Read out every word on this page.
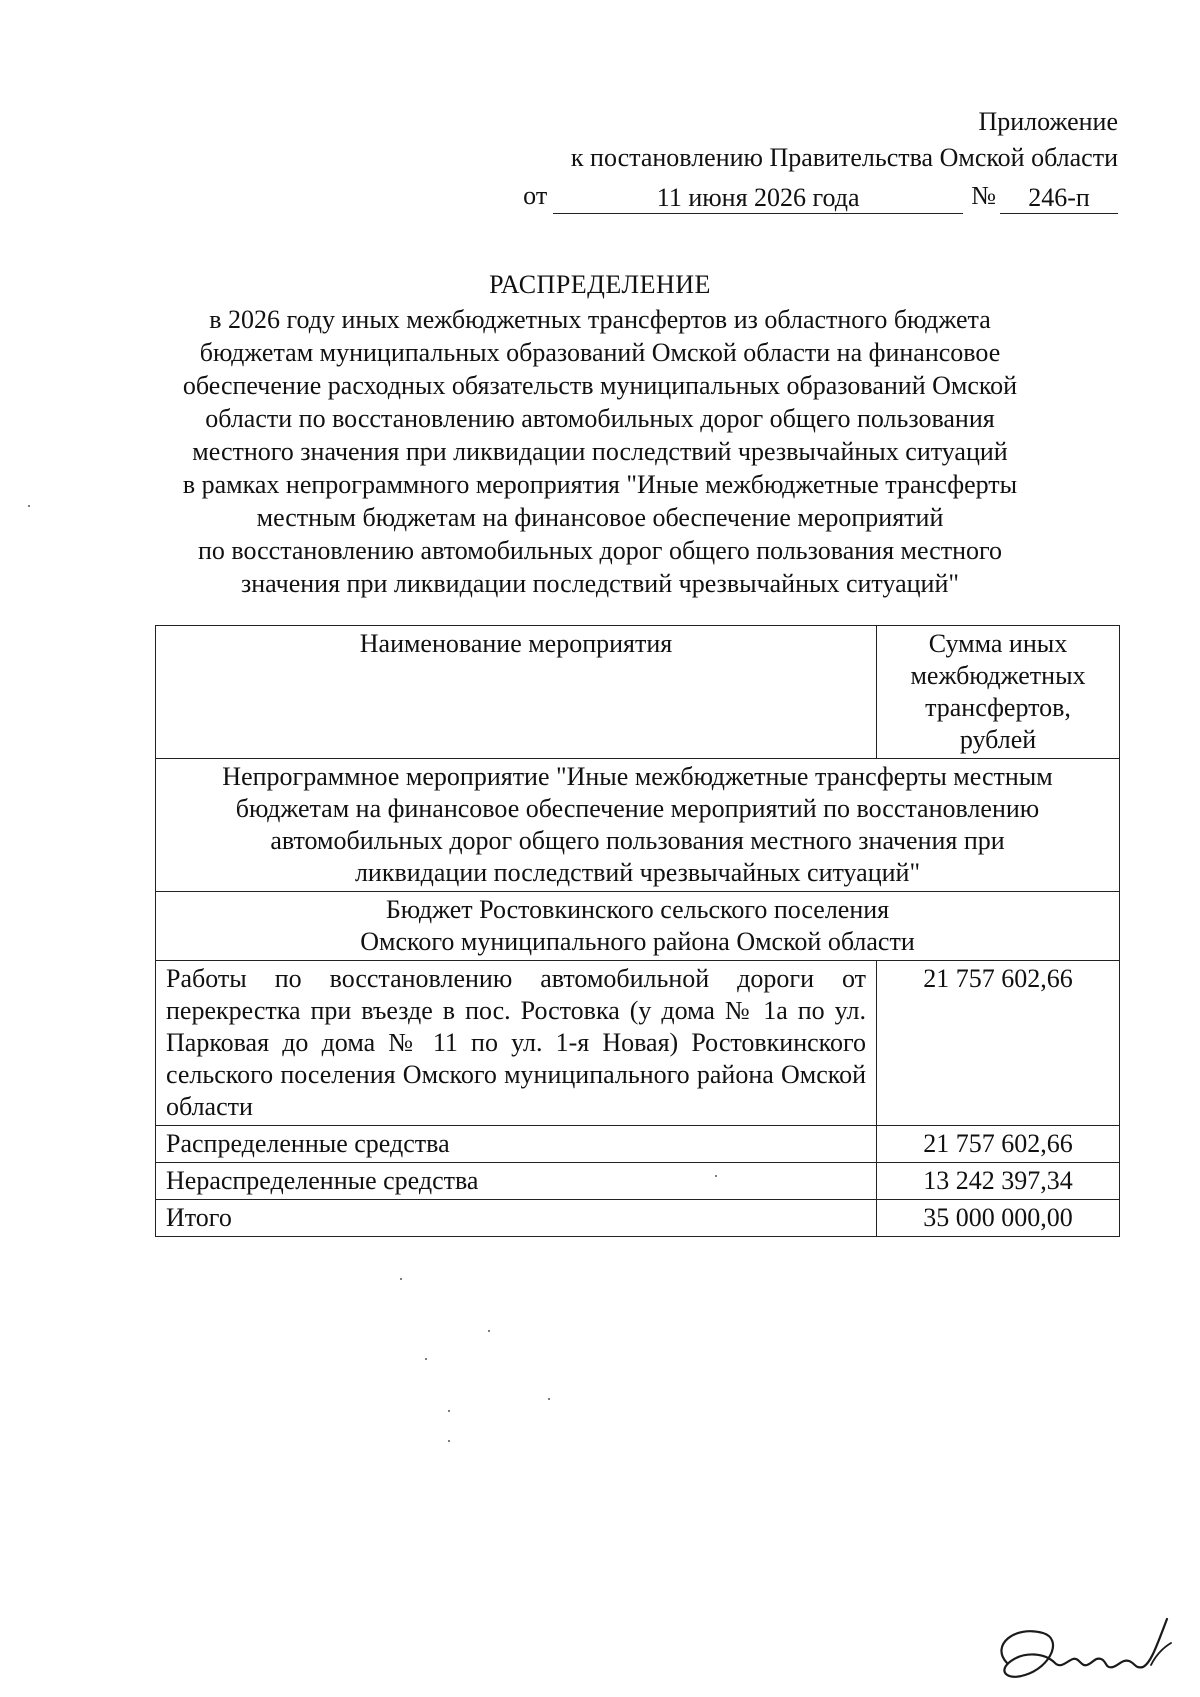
Приложение
к постановлению Правительства Омской области
от	11 июня 2026 года	№	246-п
РАСПРЕДЕЛЕНИЕ
в 2026 году иных межбюджетных трансфертов из областного бюджета
бюджетам муниципальных образований Омской области на финансовое
обеспечение расходных обязательств муниципальных образований Омской
области по восстановлению автомобильных дорог общего пользования
местного значения при ликвидации последствий чрезвычайных ситуаций
в рамках непрограммного мероприятия "Иные межбюджетные трансферты
местным бюджетам на финансовое обеспечение мероприятий
по восстановлению автомобильных дорог общего пользования местного
значения при ликвидации последствий чрезвычайных ситуаций"
Наименование мероприятия	Сумма иных
межбюджетных
трансфертов,
рублей

Непрограммное мероприятие "Иные межбюджетные трансферты местным
бюджетам на финансовое обеспечение мероприятий по восстановлению
автомобильных дорог общего пользования местного значения при
ликвидации последствий чрезвычайных ситуаций"	

Бюджет Ростовкинского сельского поселения
Омского муниципального района Омской области	

Работы по восстановлению автомобильной дороги от перекрестка при въезде в пос. Ростовка (у дома № 1а по ул. Парковая до дома № 11 по ул. 1-я Новая) Ростовкинского сельского поселения Омского муниципального района Омской области	21 757 602,66
Распределенные средства	21 757 602,66
Нераспределенные средства	13 242 397,34
Итого	35 000 000,00
